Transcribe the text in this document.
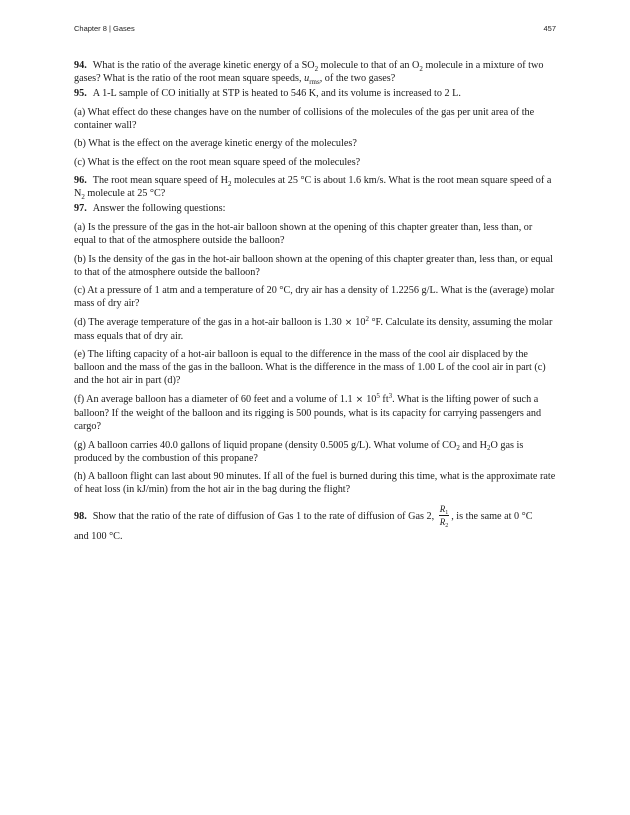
Chapter 8 | Gases	457

94. What is the ratio of the average kinetic energy of a $SO_2$ molecule to that of an $O_2$ molecule in a mixture of two gases? What is the ratio of the root mean square speeds, $u_{rms}$, of the two gases?

95. A 1-L sample of CO initially at STP is heated to 546 K, and its volume is increased to 2 L.

(a) What effect do these changes have on the number of collisions of the molecules of the gas per unit area of the container wall?

(b) What is the effect on the average kinetic energy of the molecules?

(c) What is the effect on the root mean square speed of the molecules?

96. The root mean square speed of $H_2$ molecules at 25 °C is about 1.6 km/s. What is the root mean square speed of a $N_2$ molecule at 25 °C?

97. Answer the following questions:

(a) Is the pressure of the gas in the hot-air balloon shown at the opening of this chapter greater than, less than, or equal to that of the atmosphere outside the balloon?

(b) Is the density of the gas in the hot-air balloon shown at the opening of this chapter greater than, less than, or equal to that of the atmosphere outside the balloon?

(c) At a pressure of 1 atm and a temperature of 20 °C, dry air has a density of 1.2256 g/L. What is the (average) molar mass of dry air?

(d) The average temperature of the gas in a hot-air balloon is $1.30 \times 10^2$ °F. Calculate its density, assuming the molar mass equals that of dry air.

(e) The lifting capacity of a hot-air balloon is equal to the difference in the mass of the cool air displaced by the balloon and the mass of the gas in the balloon. What is the difference in the mass of 1.00 L of the cool air in part (c) and the hot air in part (d)?

(f) An average balloon has a diameter of 60 feet and a volume of $1.1 \times 10^5$ $ft^3$. What is the lifting power of such a balloon? If the weight of the balloon and its rigging is 500 pounds, what is its capacity for carrying passengers and cargo?

(g) A balloon carries 40.0 gallons of liquid propane (density 0.5005 g/L). What volume of $CO_2$ and $H_2O$ gas is produced by the combustion of this propane?

(h) A balloon flight can last about 90 minutes. If all of the fuel is burned during this time, what is the approximate rate of heat loss (in kJ/min) from the hot air in the bag during the flight?

98. Show that the ratio of the rate of diffusion of Gas 1 to the rate of diffusion of Gas 2, $\frac{R_1}{R_2}$ , is the same at 0 °C
and 100 °C.
